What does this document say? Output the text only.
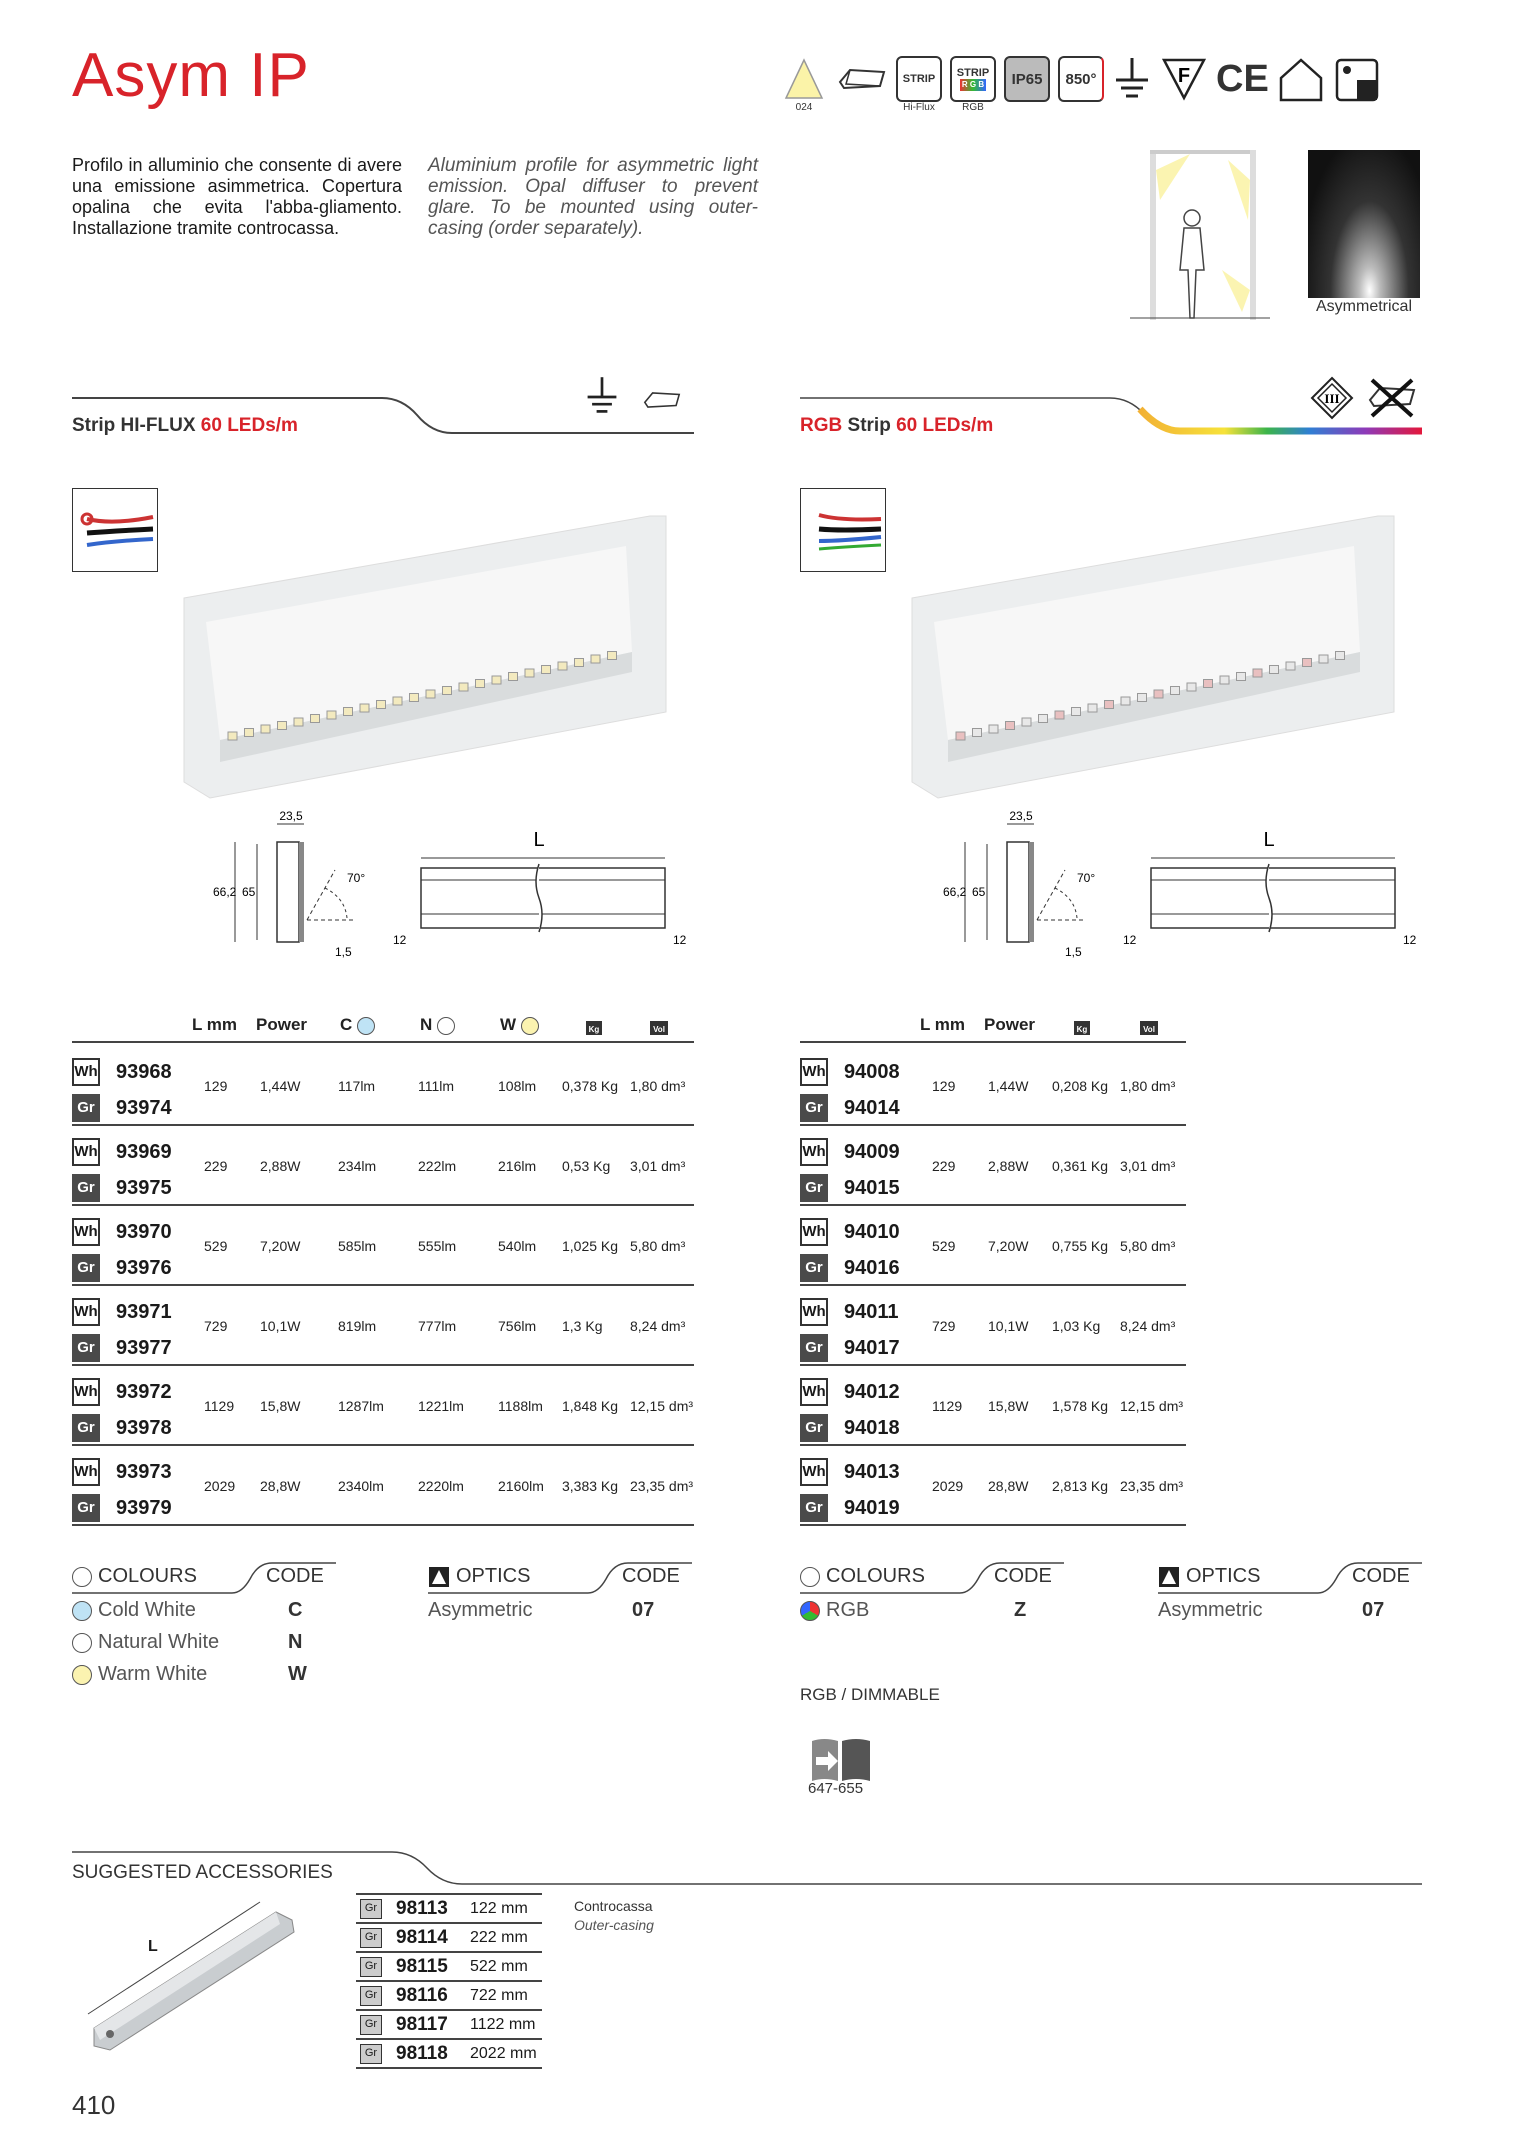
Asym IP
Profilo in alluminio che consente di avere una emissione asimmetrica. Copertura opalina che evita l'abba-gliamento. Installazione tramite controcassa.
Aluminium profile for asymmetric light emission. Opal diffuser to prevent glare. To be mounted using outer-casing (order separately).
024
STRIP
Hi-Flux
STRIP
R G B
RGB
IP65	850°	F CE
Asymmetrical
Strip HI-FLUX 60 LEDs/m
23,5
66,2 65
70°
1,5
L
12	12
L mm Power C	N	W	Kg	Vol
Wh 93968
Gr 93974
129 1,44W	117lm	111lm	108lm 0,378 Kg 1,80 dm³
Wh 93969
Gr 93975
229 2,88W	234lm	222lm	216lm 0,53 Kg 3,01 dm³
Wh 93970
Gr 93976
529 7,20W	585lm	555lm	540lm 1,025 Kg 5,80 dm³
Wh 93971
Gr 93977
729 10,1W	819lm	777lm	756lm 1,3 Kg 8,24 dm³
Wh 93972
Gr 93978
1129 15,8W	1287lm 1221lm 1188lm 1,848 Kg 12,15 dm³
Wh 93973
Gr 93979
2029 28,8W	2340lm 2220lm 2160lm 3,383 Kg 23,35 dm³
COLOURS	CODE
Cold White	C
Natural White	N
Warm White	W
OPTICS	CODE
Asymmetric	07
RGB Strip 60 LEDs/m
III
23,5
66,2 65
70°
1,5
L
12	12
L mm Power	Kg	Vol
Wh 94008
Gr 94014
129 1,44W 0,208 Kg 1,80 dm³
Wh 94009
Gr 94015
229 2,88W 0,361 Kg 3,01 dm³
Wh 94010
Gr 94016
529 7,20W 0,755 Kg 5,80 dm³
Wh 94011
Gr 94017
729 10,1W 1,03 Kg 8,24 dm³
Wh 94012
Gr 94018
1129 15,8W 1,578 Kg 12,15 dm³
Wh 94013
Gr 94019
2029 28,8W 2,813 Kg 23,35 dm³
COLOURS	CODE
RGB	Z
OPTICS	CODE
Asymmetric	07
RGB / DIMMABLE
647-655
SUGGESTED ACCESSORIES
L
Gr 98113	122 mm
Gr 98114	222 mm
Gr 98115	522 mm
Gr 98116	722 mm
Gr 98117	1122 mm
Gr 98118	2022 mm
Controcassa
Outer-casing
410
